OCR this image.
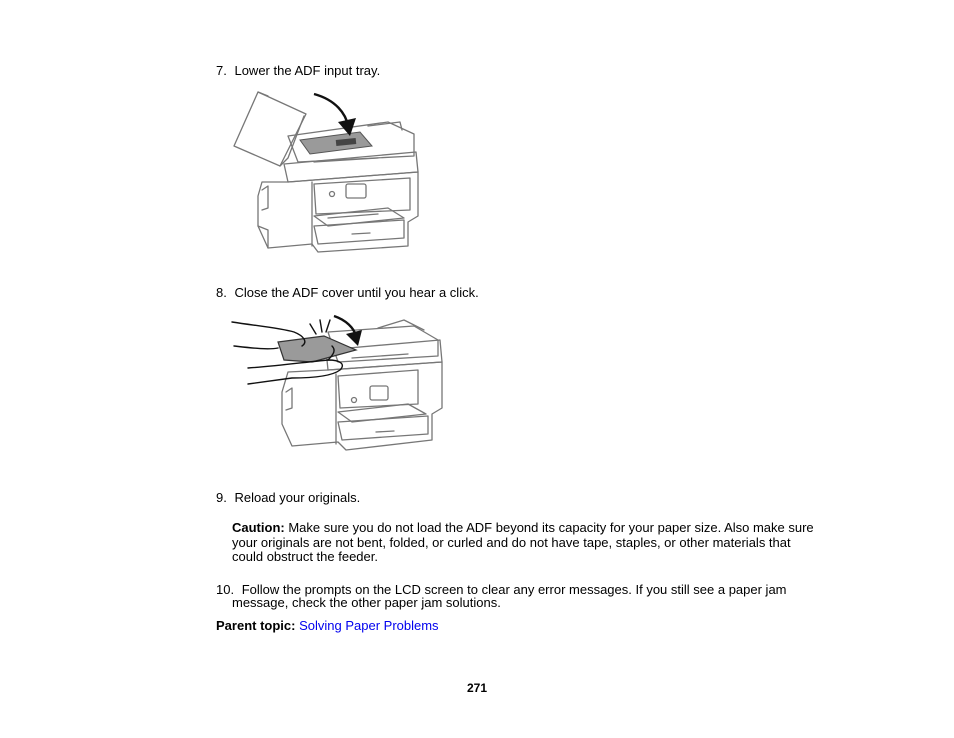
7. Lower the ADF input tray.
8. Close the ADF cover until you hear a click.
9. Reload your originals.
Caution: Make sure you do not load the ADF beyond its capacity for your paper size. Also make sure
your originals are not bent, folded, or curled and do not have tape, staples, or other materials that
could obstruct the feeder.
10. Follow the prompts on the LCD screen to clear any error messages. If you still see a paper jam
message, check the other paper jam solutions.
Parent topic: Solving Paper Problems
271
